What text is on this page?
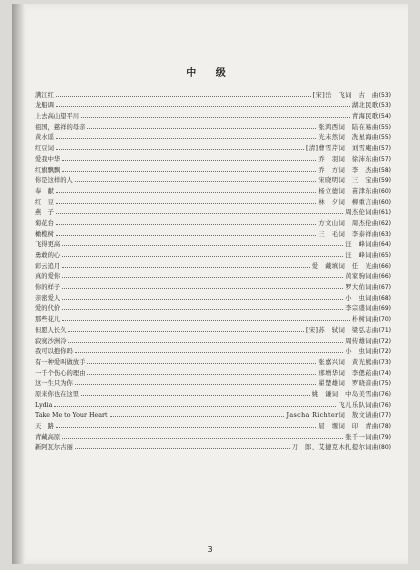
中 级
满江红	[宋]岳　飞词　古　曲 (53)
龙船调	湖北民歌 (53)
上去高山望平川	青海民歌 (54)
祖国，慈祥的母亲	张鸿西词　陆在易曲 (55)
黄水谣	光未然词　冼星海曲 (55)
红豆词	[清]曹雪芹词　刘雪庵曲 (57)
爱我中华	乔　羽词　徐沛东曲 (57)
红旗飘飘	乔　方词　李　杰曲 (58)
你是这样的人	宋晓明词　三　宝曲 (59)
奉　献	杨立德词　苗津东曲 (60)
红　豆	林　夕词　柳重言曲 (60)
燕　子	周杰伦词曲 (61)
菊花台	方文山词　周杰伦曲 (62)
橄榄树	三　毛词　李泰祥曲 (63)
飞得更高	汪　峰词曲 (64)
勇敢的心	汪　峰词曲 (65)
彩云追月	爱　戴填词　任　光曲 (66)
真的爱你	黄家驹词曲 (66)
你的样子	罗大佑词曲 (67)
亲密爱人	小　虫词曲 (68)
爱的代价	李宗盛词曲 (69)
那些花儿	朴树词曲 (70)
但愿人长久	[宋]苏　轼词　梁弘志曲 (71)
寂寞沙洲冷	周传雄词曲 (72)
我可以抱你吗	小　虫词曲 (72)
有一种爱叫做放手	张嘉兴词　黄光熊曲 (73)
一千个伤心的理由	邢增华词　李偲菘曲 (74)
这一生只为你	翟楚雄词　罗晓音曲 (75)
原来你也在这里	姚　谦词　中岛美雪曲 (76)
Lydia	飞儿乐队词曲 (76)
Take Me to Your Heart	Jascha Richter词　敖文请曲 (77)
天　路	屈　塬词　印　青曲 (78)
青藏高原	张千一词曲 (79)
新阿瓦尔古丽	刀　郎、艾捷克木扎提尔词曲 (80)
3
